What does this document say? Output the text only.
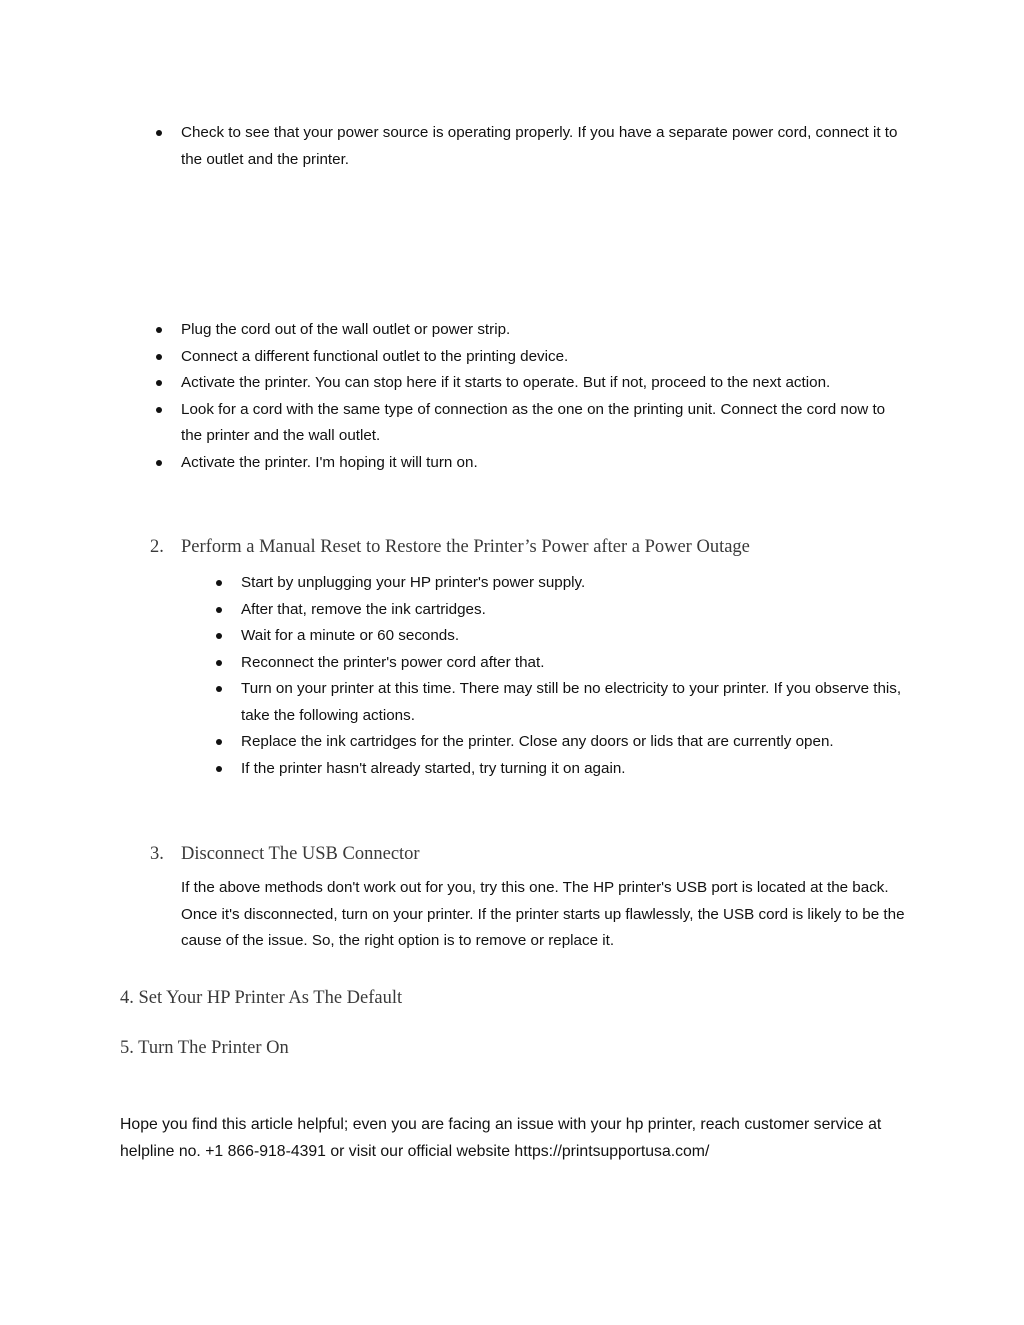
Check to see that your power source is operating properly. If you have a separate power cord, connect it to the outlet and the printer.
Plug the cord out of the wall outlet or power strip.
Connect a different functional outlet to the printing device.
Activate the printer. You can stop here if it starts to operate. But if not, proceed to the next action.
Look for a cord with the same type of connection as the one on the printing unit. Connect the cord now to the printer and the wall outlet.
Activate the printer. I'm hoping it will turn on.
2. Perform a Manual Reset to Restore the Printer’s Power after a Power Outage
Start by unplugging your HP printer's power supply.
After that, remove the ink cartridges.
Wait for a minute or 60 seconds.
Reconnect the printer's power cord after that.
Turn on your printer at this time. There may still be no electricity to your printer. If you observe this, take the following actions.
Replace the ink cartridges for the printer. Close any doors or lids that are currently open.
If the printer hasn't already started, try turning it on again.
3. Disconnect The USB Connector

If the above methods don't work out for you, try this one. The HP printer's USB port is located at the back. Once it's disconnected, turn on your printer. If the printer starts up flawlessly, the USB cord is likely to be the cause of the issue. So, the right option is to remove or replace it.

4. Set Your HP Printer As The Default
5. Turn The Printer On

Hope you find this article helpful; even you are facing an issue with your hp printer, reach customer service at helpline no. +1 866-918-4391 or visit our official website https://printsupportusa.com/
